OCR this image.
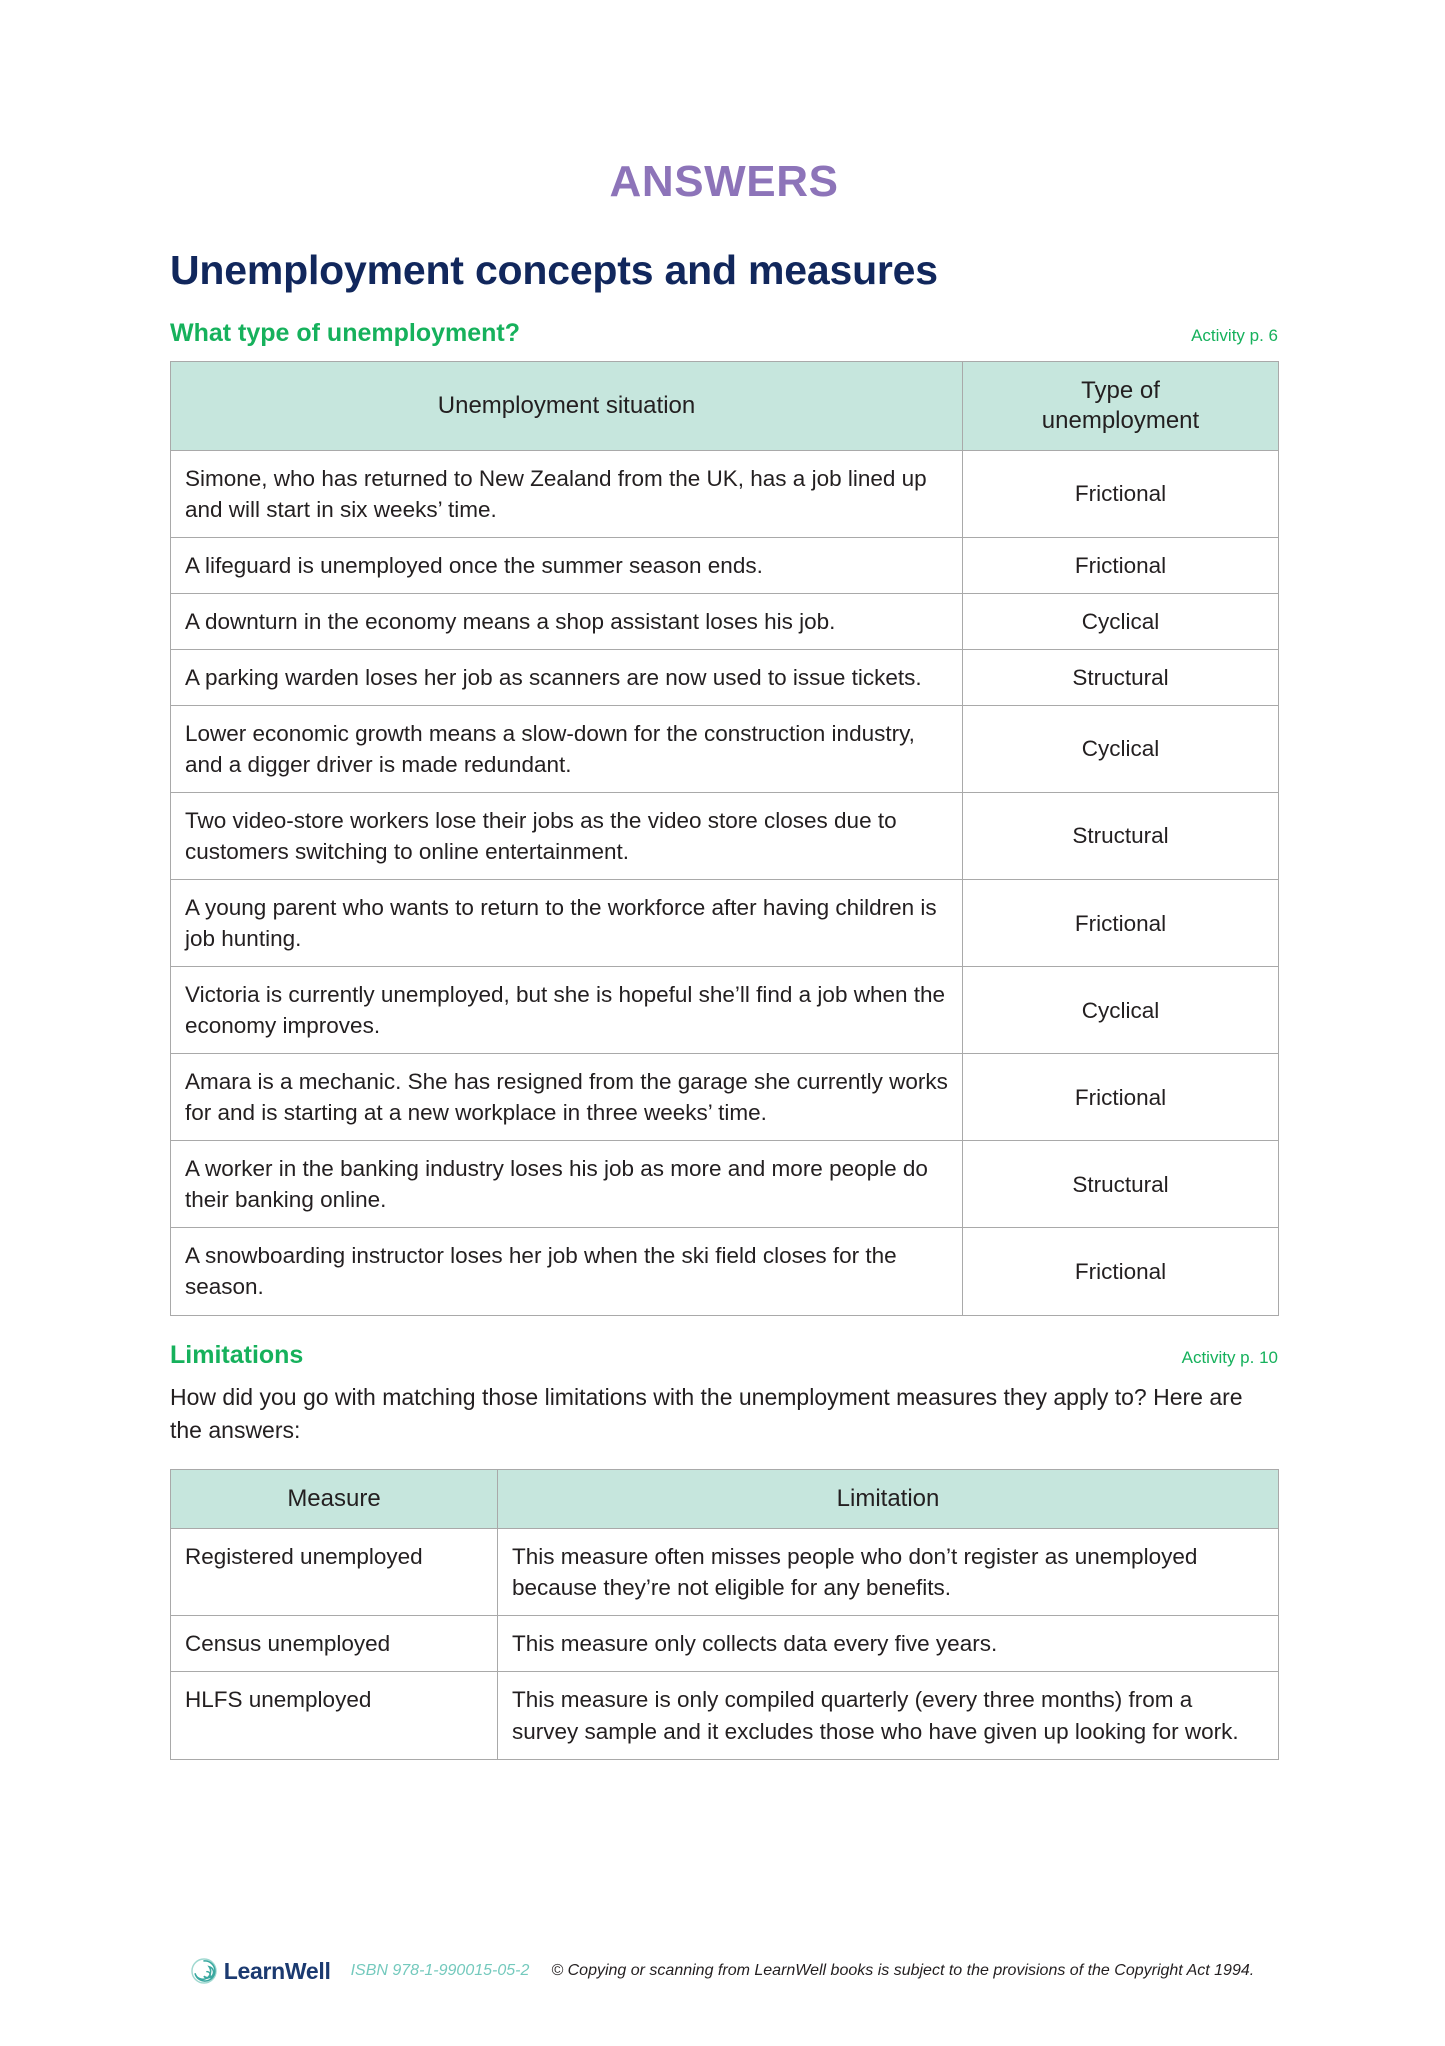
ANSWERS
Unemployment concepts and measures
What type of unemployment?	Activity p. 6
Unemployment situation	Type of
unemployment
Simone, who has returned to New Zealand from the UK, has a job lined up and will start in six weeks’ time.	Frictional
A lifeguard is unemployed once the summer season ends.	Frictional
A downturn in the economy means a shop assistant loses his job.	Cyclical
A parking warden loses her job as scanners are now used to issue tickets.	Structural
Lower economic growth means a slow-down for the construction industry, and a digger driver is made redundant.	Cyclical
Two video-store workers lose their jobs as the video store closes due to customers switching to online entertainment.	Structural
A young parent who wants to return to the workforce after having children is job hunting.	Frictional
Victoria is currently unemployed, but she is hopeful she’ll find a job when the economy improves.	Cyclical
Amara is a mechanic. She has resigned from the garage she currently works for and is starting at a new workplace in three weeks’ time.	Frictional
A worker in the banking industry loses his job as more and more people do their banking online.	Structural
A snowboarding instructor loses her job when the ski field closes for the season.	Frictional
Limitations	Activity p. 10

How did you go with matching those limitations with the unemployment measures they apply to? Here are the answers:

Measure	Limitation
Registered unemployed	This measure often misses people who don’t register as unemployed because they’re not eligible for any benefits.
Census unemployed	This measure only collects data every five years.
HLFS unemployed	This measure is only compiled quarterly (every three months) from a survey sample and it excludes those who have given up looking for work.
LearnWell ISBN 978-1-990015-05-2 © Copying or scanning from LearnWell books is subject to the provisions of the Copyright Act 1994.
